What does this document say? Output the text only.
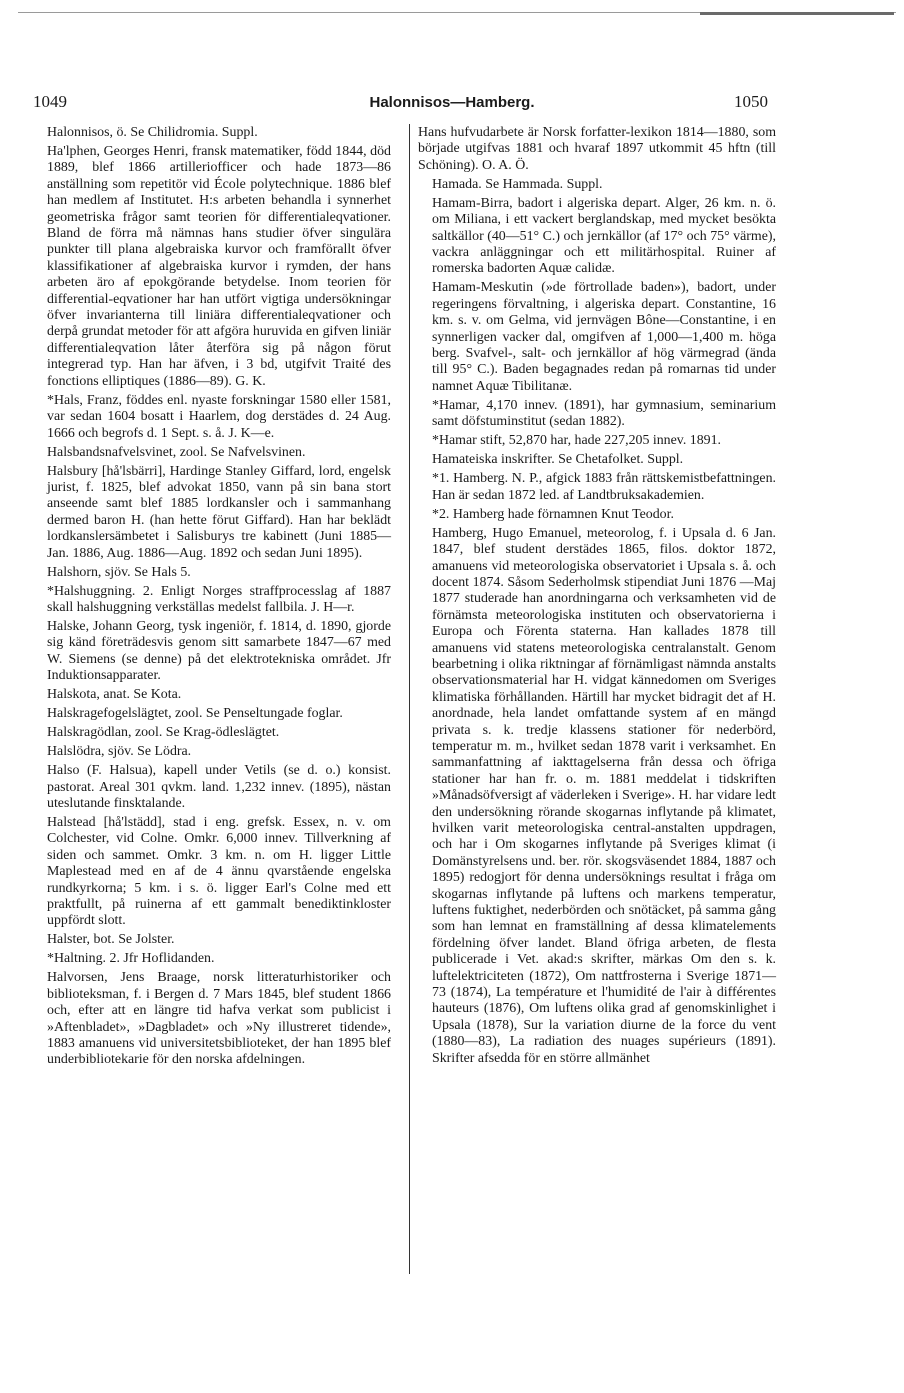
1049	Halonnisos—Hamberg.	1050

Halonnisos, ö. Se Chilidromia. Suppl.

Ha'lphen, Georges Henri, fransk matematiker, född 1844, död 1889, blef 1866 artilleriofficer och hade 1873—86 anställning som repetitör vid École polytechnique. 1886 blef han medlem af Institutet. H:s arbeten behandla i synnerhet geometriska frågor samt teorien för differentialeqvationer. Bland de förra må nämnas hans studier öfver singulära punkter till plana algebraiska kurvor och framförallt öfver klassifikationer af algebraiska kurvor i rymden, der hans arbeten äro af epokgörande betydelse. Inom teorien för differential-eqvationer har han utfört vigtiga undersökningar öfver invarianterna till liniära differentialeqvationer och derpå grundat metoder för att afgöra huruvida en gifven liniär differentialeqvation låter återföra sig på någon förut integrerad typ. Han har äfven, i 3 bd, utgifvit Traité des fonctions elliptiques (1886—89). G. K.

*Hals, Franz, föddes enl. nyaste forskningar 1580 eller 1581, var sedan 1604 bosatt i Haarlem, dog derstädes d. 24 Aug. 1666 och begrofs d. 1 Sept. s. å. J. K—e.

Halsbandsnafvelsvinet, zool. Se Nafvelsvinen.

Halsbury [hå'lsbärri], Hardinge Stanley Giffard, lord, engelsk jurist, f. 1825, blef advokat 1850, vann på sin bana stort anseende samt blef 1885 lordkansler och i sammanhang dermed baron H. (han hette förut Giffard). Han har beklädt lordkanslersämbetet i Salisburys tre kabinett (Juni 1885—Jan. 1886, Aug. 1886—Aug. 1892 och sedan Juni 1895).

Halshorn, sjöv. Se Hals 5.

*Halshuggning. 2. Enligt Norges straffprocesslag af 1887 skall halshuggning verkställas medelst fallbila. J. H—r.

Halske, Johann Georg, tysk ingeniör, f. 1814, d. 1890, gjorde sig känd företrädesvis genom sitt samarbete 1847—67 med W. Siemens (se denne) på det elektrotekniska området. Jfr Induktionsapparater.

Halskota, anat. Se Kota.

Halskragefogelslägtet, zool. Se Penseltungade foglar.

Halskragödlan, zool. Se Krag-ödleslägtet.

Halslödra, sjöv. Se Lödra.

Halso (F. Halsua), kapell under Vetils (se d. o.) konsist. pastorat. Areal 301 qvkm. land. 1,232 innev. (1895), nästan uteslutande finsktalande.

Halstead [hå'lstädd], stad i eng. grefsk. Essex, n. v. om Colchester, vid Colne. Omkr. 6,000 innev. Tillverkning af siden och sammet. Omkr. 3 km. n. om H. ligger Little Maplestead med en af de 4 ännu qvarstående engelska rundkyrkorna; 5 km. i s. ö. ligger Earl's Colne med ett praktfullt, på ruinerna af ett gammalt benediktinkloster uppfördt slott.

Halster, bot. Se Jolster.

*Haltning. 2. Jfr Hoflidanden.

Halvorsen, Jens Braage, norsk litteraturhistoriker och biblioteksman, f. i Bergen d. 7 Mars 1845, blef student 1866 och, efter att en längre tid hafva verkat som publicist i »Aftenbladet», »Dagbladet» och »Ny illustreret tidende», 1883 amanuens vid universitetsbiblioteket, der han 1895 blef underbibliotekarie för den norska afdelningen.

Hans hufvudarbete är Norsk forfatter-lexikon 1814—1880, som började utgifvas 1881 och hvaraf 1897 utkommit 45 hftn (till Schöning). O. A. Ö.

Hamada. Se Hammada. Suppl.

Hamam-Birra, badort i algeriska depart. Alger, 26 km. n. ö. om Miliana, i ett vackert berglandskap, med mycket besökta saltkällor (40—51° C.) och jernkällor (af 17° och 75° värme), vackra anläggningar och ett militärhospital. Ruiner af romerska badorten Aquæ calidæ.

Hamam-Meskutin (»de förtrollade baden»), badort, under regeringens förvaltning, i algeriska depart. Constantine, 16 km. s. v. om Gelma, vid jernvägen Bône—Constantine, i en synnerligen vacker dal, omgifven af 1,000—1,400 m. höga berg. Svafvel-, salt- och jernkällor af hög värmegrad (ända till 95° C.). Baden begagnades redan på romarnas tid under namnet Aquæ Tibilitanæ.

*Hamar, 4,170 innev. (1891), har gymnasium, seminarium samt döfstuminstitut (sedan 1882).

*Hamar stift, 52,870 har, hade 227,205 innev. 1891.

Hamateiska inskrifter. Se Chetafolket. Suppl.

*1. Hamberg. N. P., afgick 1883 från rättskemistbefattningen. Han är sedan 1872 led. af Landtbruksakademien.

*2. Hamberg hade förnamnen Knut Teodor.

Hamberg, Hugo Emanuel, meteorolog, f. i Upsala d. 6 Jan. 1847, blef student derstädes 1865, filos. doktor 1872, amanuens vid meteorologiska observatoriet i Upsala s. å. och docent 1874. Såsom Sederholmsk stipendiat Juni 1876 —Maj 1877 studerade han anordningarna och verksamheten vid de förnämsta meteorologiska instituten och observatorierna i Europa och Förenta staterna. Han kallades 1878 till amanuens vid statens meteorologiska centralanstalt. Genom bearbetning i olika riktningar af förnämligast nämnda anstalts observationsmaterial har H. vidgat kännedomen om Sveriges klimatiska förhållanden. Härtill har mycket bidragit det af H. anordnade, hela landet omfattande system af en mängd privata s. k. tredje klassens stationer för nederbörd, temperatur m. m., hvilket sedan 1878 varit i verksamhet. En sammanfattning af iakttagelserna från dessa och öfriga stationer har han fr. o. m. 1881 meddelat i tidskriften »Månadsöfversigt af väderleken i Sverige». H. har vidare ledt den undersökning rörande skogarnas inflytande på klimatet, hvilken varit meteorologiska central-anstalten uppdragen, och har i Om skogarnes inflytande på Sveriges klimat (i Domänstyrelsens und. ber. rör. skogsväsendet 1884, 1887 och 1895) redogjort för denna undersöknings resultat i fråga om skogarnas inflytande på luftens och markens temperatur, luftens fuktighet, nederbörden och snötäcket, på samma gång som han lemnat en framställning af dessa klimatelements fördelning öfver landet. Bland öfriga arbeten, de flesta publicerade i Vet. akad:s skrifter, märkas Om den s. k. luftelektriciteten (1872), Om nattfrosterna i Sverige 1871—73 (1874), La température et l'humidité de l'air à différentes hauteurs (1876), Om luftens olika grad af genomskinlighet i Upsala (1878), Sur la variation diurne de la force du vent (1880—83), La radiation des nuages supérieurs (1891). Skrifter afsedda för en större allmänhet
